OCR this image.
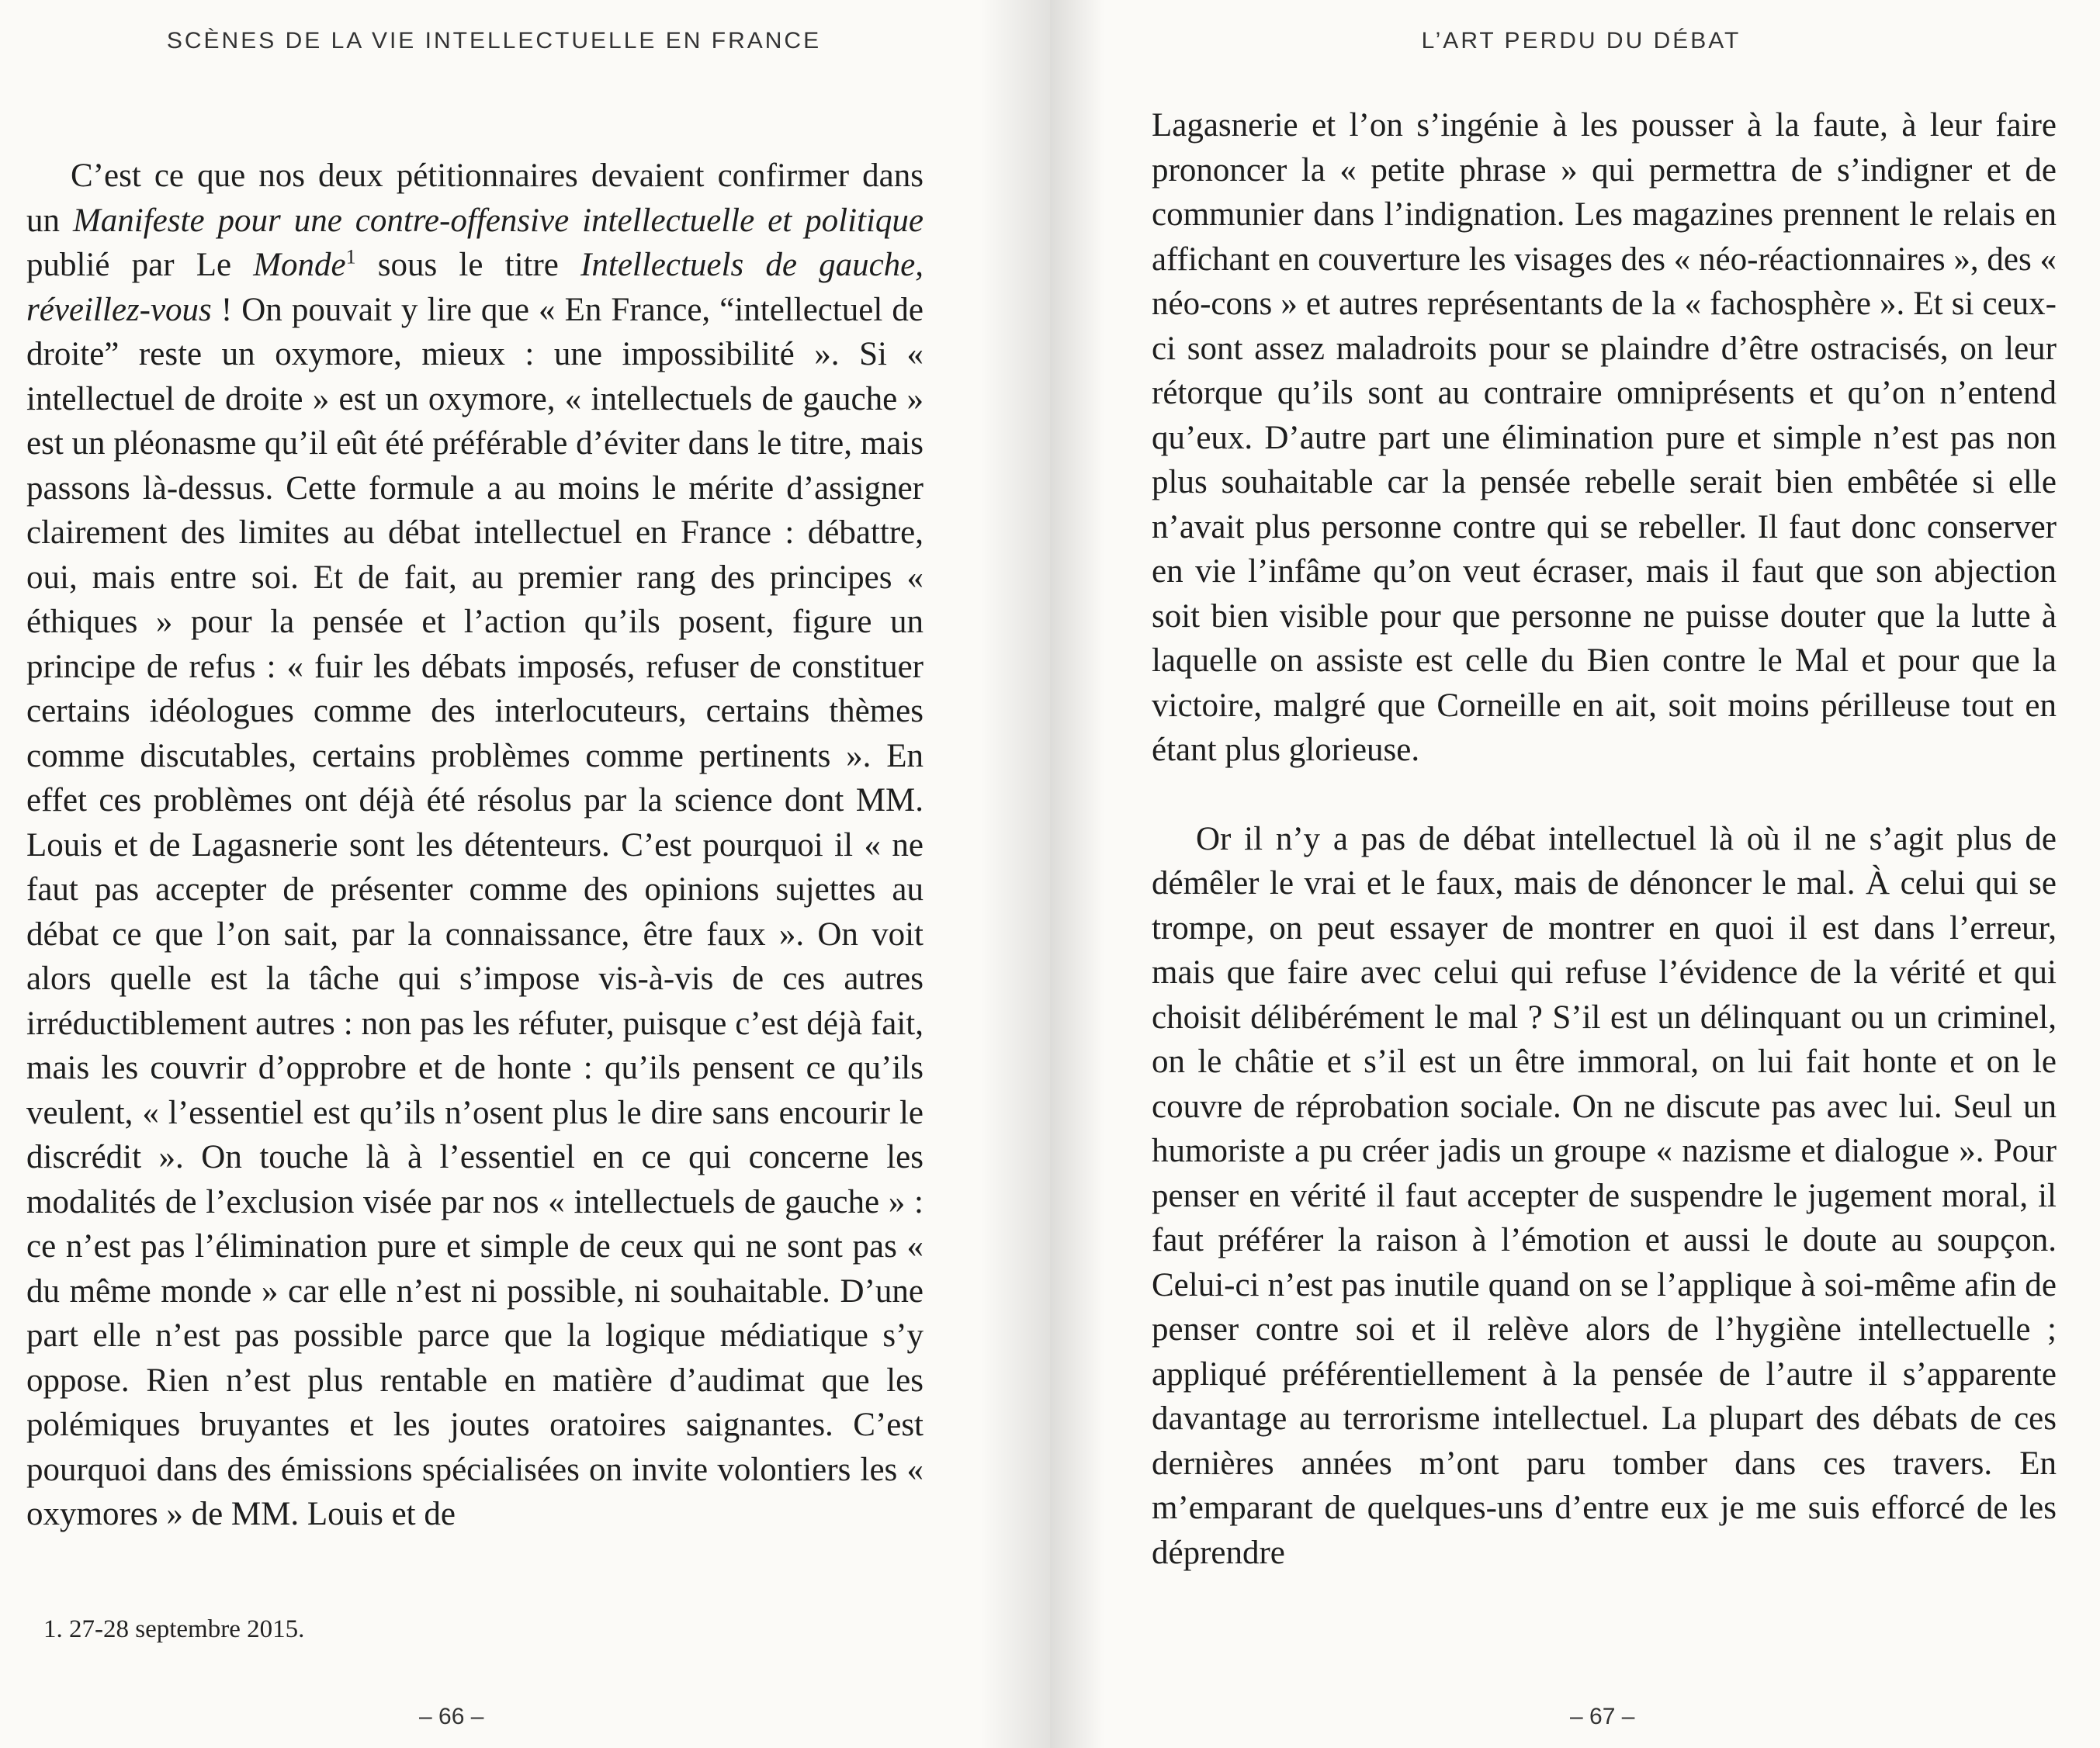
SCÈNES DE LA VIE INTELLECTUELLE EN FRANCE

C’est ce que nos deux pétitionnaires devaient confirmer dans un Manifeste pour une contre-offensive intellectuelle et politique publié par Le Monde$^1$ sous le titre Intellectuels de gauche, réveillez-vous ! On pouvait y lire que « En France, “intellectuel de droite” reste un oxymore, mieux : une impossibilité ». Si « intellectuel de droite » est un oxymore, « intellectuels de gauche » est un pléonasme qu’il eût été préférable d’éviter dans le titre, mais passons là-dessus. Cette formule a au moins le mérite d’assigner clairement des limites au débat intellectuel en France : débattre, oui, mais entre soi. Et de fait, au premier rang des principes « éthiques » pour la pensée et l’action qu’ils posent, figure un principe de refus : « fuir les débats imposés, refuser de constituer certains idéologues comme des interlocuteurs, certains thèmes comme discutables, certains problèmes comme pertinents ». En effet ces problèmes ont déjà été résolus par la science dont MM. Louis et de Lagasnerie sont les détenteurs. C’est pourquoi il « ne faut pas accepter de présenter comme des opinions sujettes au débat ce que l’on sait, par la connaissance, être faux ». On voit alors quelle est la tâche qui s’impose vis-à-vis de ces autres irréductiblement autres : non pas les réfuter, puisque c’est déjà fait, mais les couvrir d’opprobre et de honte : qu’ils pensent ce qu’ils veulent, « l’essentiel est qu’ils n’osent plus le dire sans encourir le discrédit ». On touche là à l’essentiel en ce qui concerne les modalités de l’exclusion visée par nos « intellectuels de gauche » : ce n’est pas l’élimination pure et simple de ceux qui ne sont pas « du même monde » car elle n’est ni possible, ni souhaitable. D’une part elle n’est pas possible parce que la logique médiatique s’y oppose. Rien n’est plus rentable en matière d’audimat que les polémiques bruyantes et les joutes oratoires saignantes. C’est pourquoi dans des émissions spécialisées on invite volontiers les « oxymores » de MM. Louis et de

1. 27-28 septembre 2015.
– 66 –
L’ART PERDU DU DÉBAT

Lagasnerie et l’on s’ingénie à les pousser à la faute, à leur faire prononcer la « petite phrase » qui permettra de s’indigner et de communier dans l’indignation. Les magazines prennent le relais en affichant en couverture les visages des « néo-réactionnaires », des « néo-cons » et autres représentants de la « fachosphère ». Et si ceux-ci sont assez maladroits pour se plaindre d’être ostracisés, on leur rétorque qu’ils sont au contraire omniprésents et qu’on n’entend qu’eux. D’autre part une élimination pure et simple n’est pas non plus souhaitable car la pensée rebelle serait bien embêtée si elle n’avait plus personne contre qui se rebeller. Il faut donc conserver en vie l’infâme qu’on veut écraser, mais il faut que son abjection soit bien visible pour que personne ne puisse douter que la lutte à laquelle on assiste est celle du Bien contre le Mal et pour que la victoire, malgré que Corneille en ait, soit moins périlleuse tout en étant plus glorieuse.

Or il n’y a pas de débat intellectuel là où il ne s’agit plus de démêler le vrai et le faux, mais de dénoncer le mal. À celui qui se trompe, on peut essayer de montrer en quoi il est dans l’erreur, mais que faire avec celui qui refuse l’évidence de la vérité et qui choisit délibérément le mal ? S’il est un délinquant ou un criminel, on le châtie et s’il est un être immoral, on lui fait honte et on le couvre de réprobation sociale. On ne discute pas avec lui. Seul un humoriste a pu créer jadis un groupe « nazisme et dialogue ». Pour penser en vérité il faut accepter de suspendre le jugement moral, il faut préférer la raison à l’émotion et aussi le doute au soupçon. Celui-ci n’est pas inutile quand on se l’applique à soi-même afin de penser contre soi et il relève alors de l’hygiène intellectuelle ; appliqué préférentiellement à la pensée de l’autre il s’apparente davantage au terrorisme intellectuel. La plupart des débats de ces dernières années m’ont paru tomber dans ces travers. En m’emparant de quelques-uns d’entre eux je me suis efforcé de les déprendre

– 67 –
